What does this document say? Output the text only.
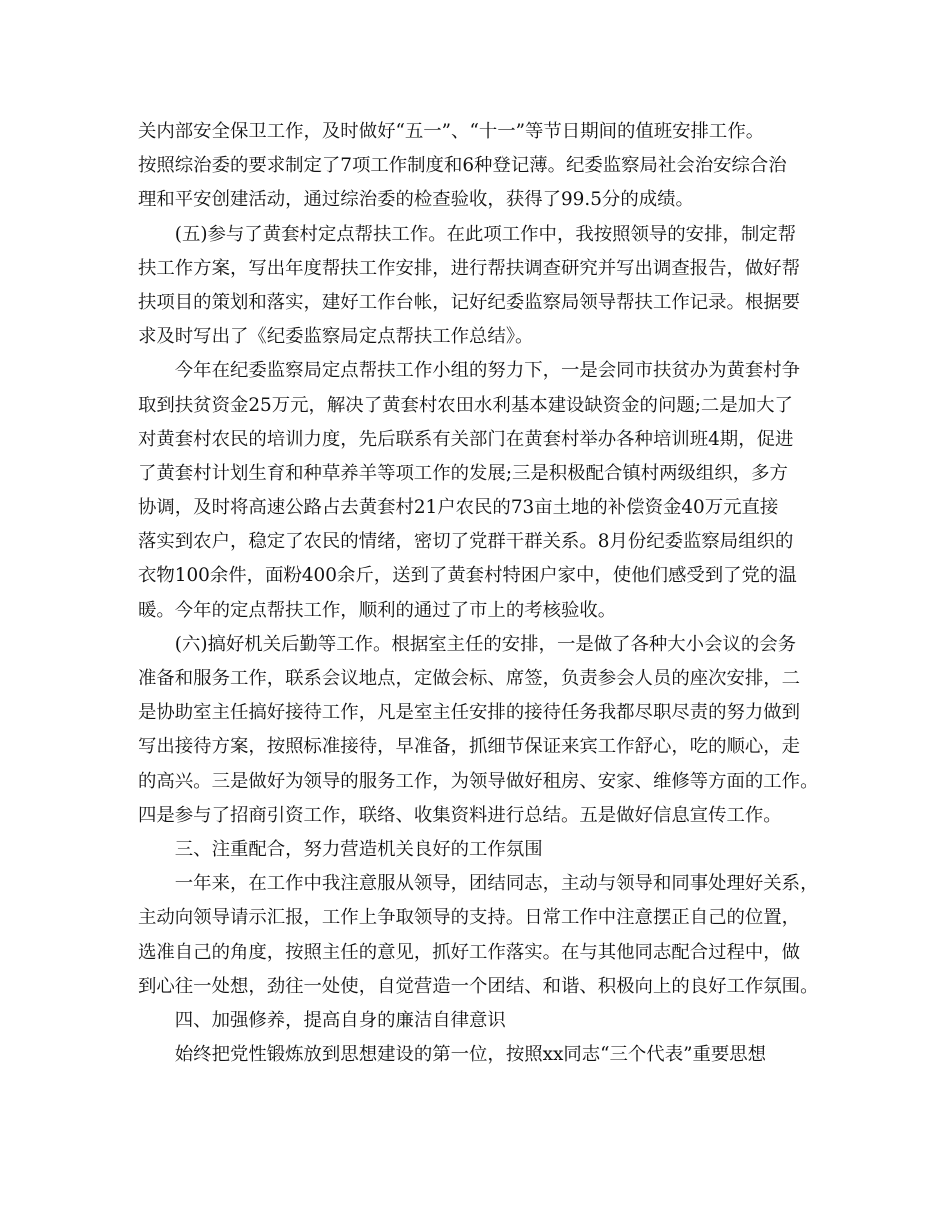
关内部安全保卫工作，及时做好“五一”、“十一”等节日期间的值班安排工作。
按照综治委的要求制定了7项工作制度和6种登记薄。纪委监察局社会治安综合治
理和平安创建活动，通过综治委的检查验收，获得了99.5分的成绩。
　　(五)参与了黄套村定点帮扶工作。在此项工作中，我按照领导的安排，制定帮
扶工作方案，写出年度帮扶工作安排，进行帮扶调查研究并写出调查报告，做好帮
扶项目的策划和落实，建好工作台帐，记好纪委监察局领导帮扶工作记录。根据要
求及时写出了《纪委监察局定点帮扶工作总结》。
　　今年在纪委监察局定点帮扶工作小组的努力下，一是会同市扶贫办为黄套村争
取到扶贫资金25万元，解决了黄套村农田水利基本建设缺资金的问题;二是加大了
对黄套村农民的培训力度，先后联系有关部门在黄套村举办各种培训班4期，促进
了黄套村计划生育和种草养羊等项工作的发展;三是积极配合镇村两级组织，多方
协调，及时将高速公路占去黄套村21户农民的73亩土地的补偿资金40万元直接
落实到农户，稳定了农民的情绪，密切了党群干群关系。8月份纪委监察局组织的
衣物100余件，面粉400余斤，送到了黄套村特困户家中，使他们感受到了党的温
暖。今年的定点帮扶工作，顺利的通过了市上的考核验收。
　　(六)搞好机关后勤等工作。根据室主任的安排，一是做了各种大小会议的会务
准备和服务工作，联系会议地点，定做会标、席签，负责参会人员的座次安排，二
是协助室主任搞好接待工作，凡是室主任安排的接待任务我都尽职尽责的努力做到
写出接待方案，按照标准接待，早准备，抓细节保证来宾工作舒心，吃的顺心，走
的高兴。三是做好为领导的服务工作，为领导做好租房、安家、维修等方面的工作。
四是参与了招商引资工作，联络、收集资料进行总结。五是做好信息宣传工作。
　　三、注重配合，努力营造机关良好的工作氛围
　　一年来，在工作中我注意服从领导，团结同志，主动与领导和同事处理好关系，
主动向领导请示汇报，工作上争取领导的支持。日常工作中注意摆正自己的位置，
选准自己的角度，按照主任的意见，抓好工作落实。在与其他同志配合过程中，做
到心往一处想，劲往一处使，自觉营造一个团结、和谐、积极向上的良好工作氛围。
　　四、加强修养，提高自身的廉洁自律意识
　　始终把党性锻炼放到思想建设的第一位，按照xx同志“三个代表”重要思想
